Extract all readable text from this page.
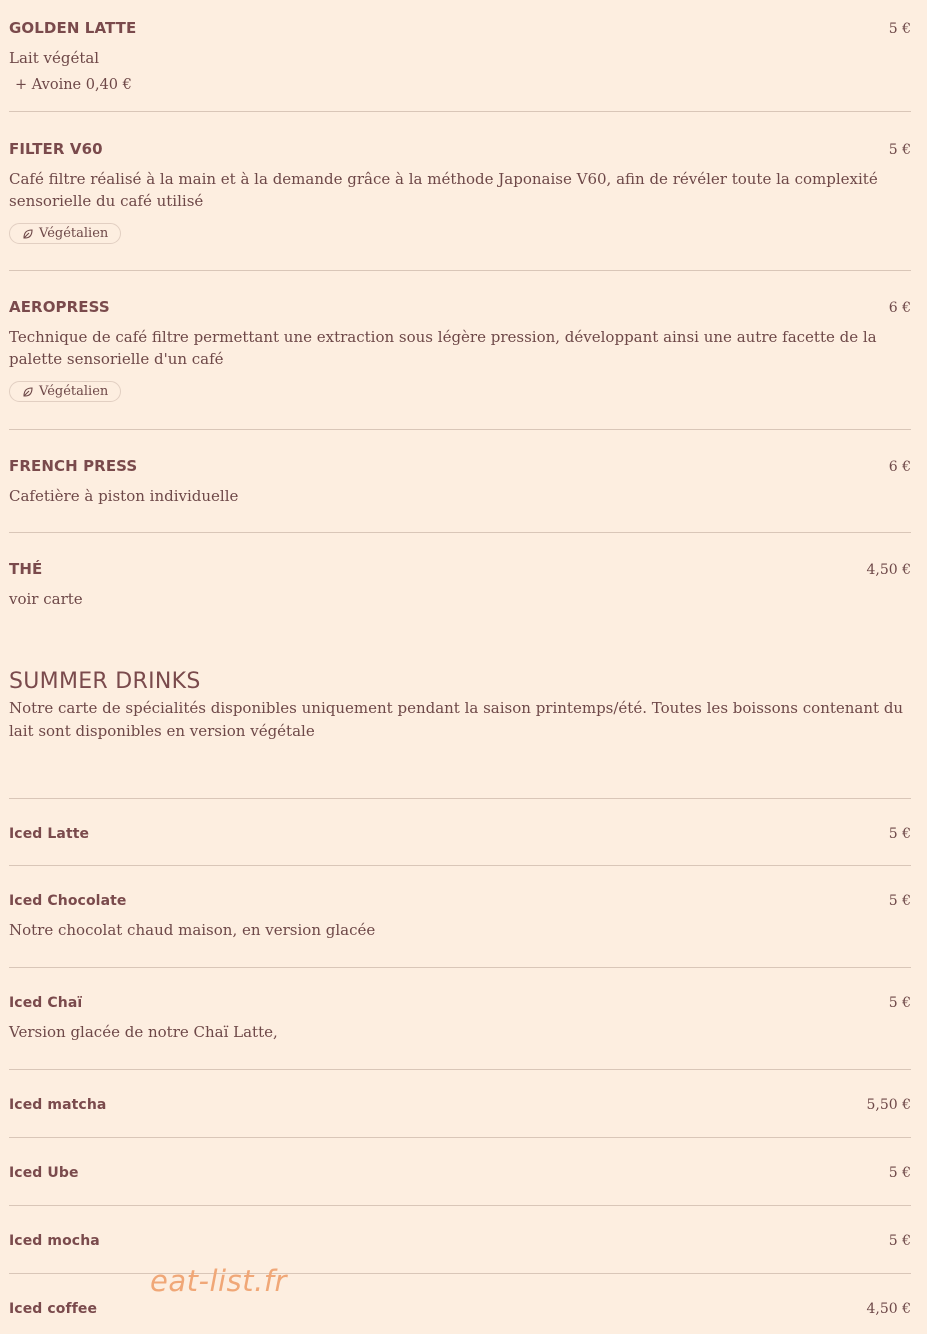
GOLDEN LATTE	5 €
Lait végétal
+ Avoine 0,40 €
FILTER V60	5 €
Café filtre réalisé à la main et à la demande grâce à la méthode Japonaise V60, afin de révéler toute la complexité sensorielle du café utilisé
Végétalien
AEROPRESS	6 €
Technique de café filtre permettant une extraction sous légère pression, développant ainsi une autre facette de la palette sensorielle d'un café
Végétalien
FRENCH PRESS	6 €
Cafetière à piston individuelle
THÉ	4,50 €
voir carte
SUMMER DRINKS
Notre carte de spécialités disponibles uniquement pendant la saison printemps/été. Toutes les boissons contenant du lait sont disponibles en version végétale
Iced Latte	5 €
Iced Chocolate	5 €
Notre chocolat chaud maison, en version glacée
Iced Chaï	5 €
Version glacée de notre Chaï Latte,
Iced matcha	5,50 €
Iced Ube	5 €
Iced mocha	5 €
Iced coffee	4,50 €
eat-list.fr
